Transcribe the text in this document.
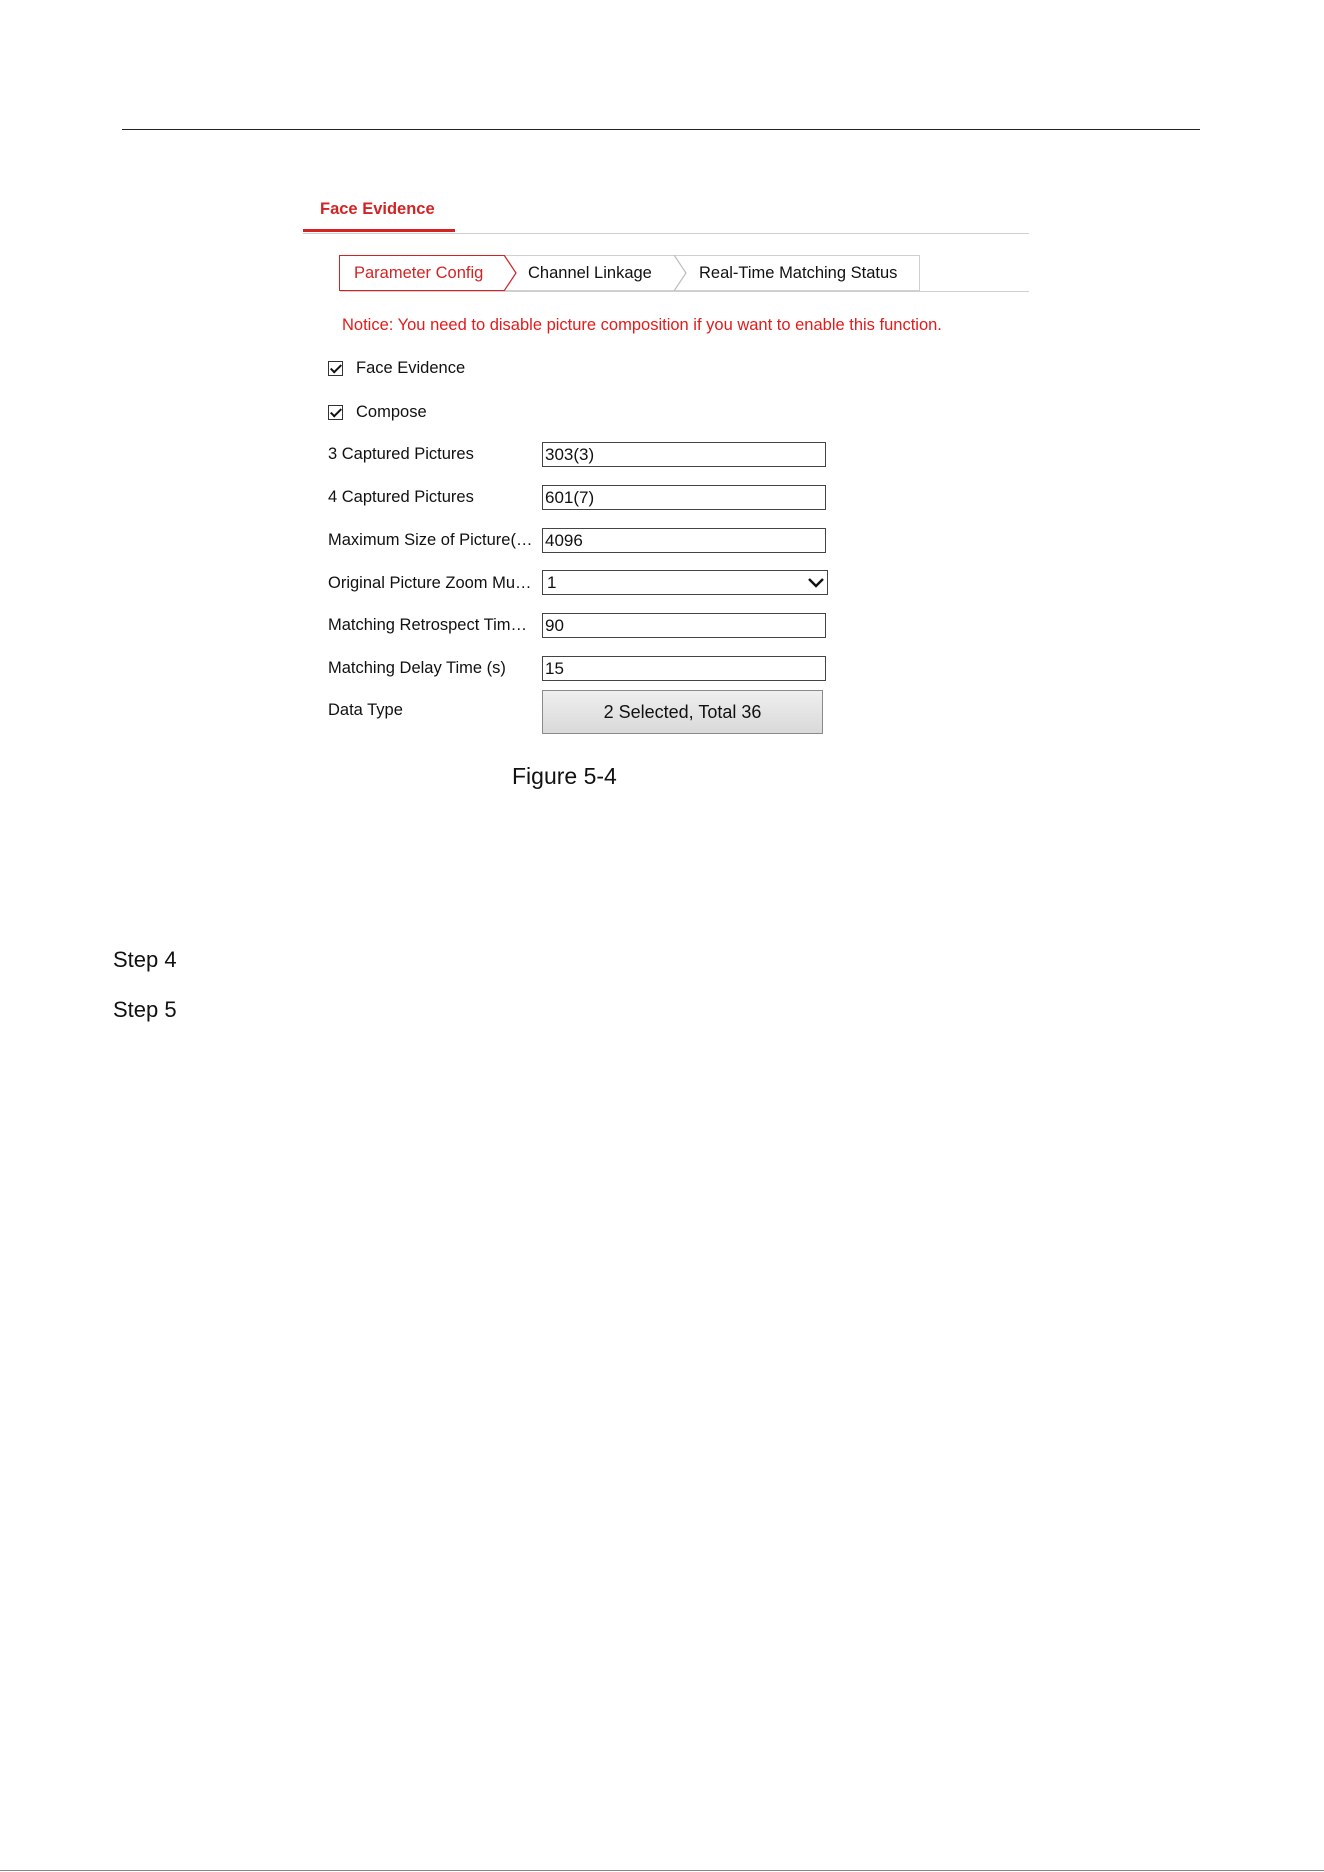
Face Evidence
Parameter Config	Channel Linkage	Real-Time Matching Status
Notice: You need to disable picture composition if you want to enable this function.
Face Evidence
Compose
3 Captured Pictures	303(3)
4 Captured Pictures	601(7)
Maximum Size of Picture(… 4096
Original Picture Zoom Mu… 1
Matching Retrospect Tim…	90
Matching Delay Time (s)	15
Data Type	2 Selected, Total 36
Figure 5-4
Step 4
Step 5
